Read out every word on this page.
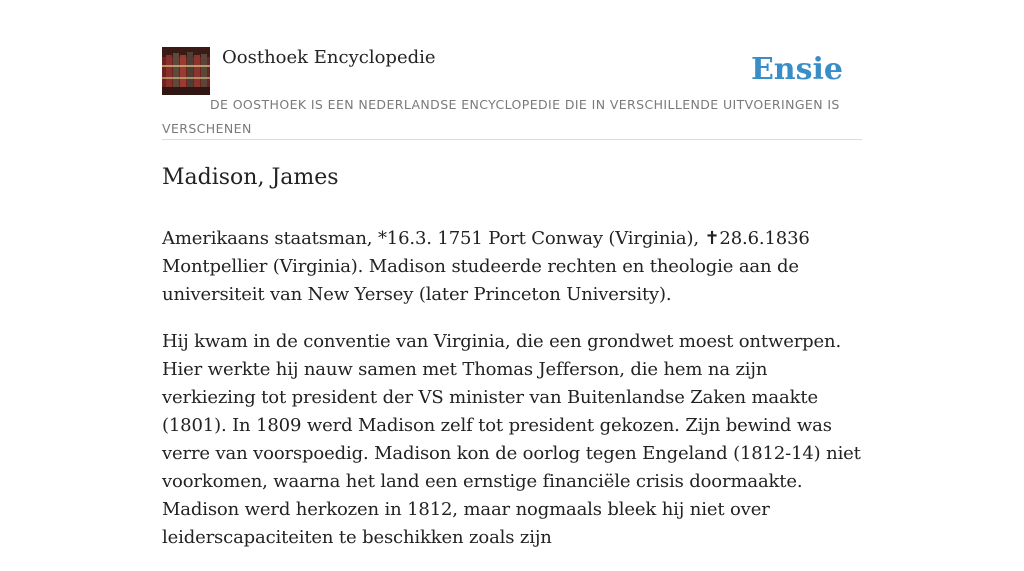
Oosthoek Encyclopedie	Ensie
DE OOSTHOEK IS EEN NEDERLANDSE ENCYCLOPEDIE DIE IN VERSCHILLENDE UITVOERINGEN IS VERSCHENEN
Madison, James

Amerikaans staatsman, *16.3. 1751 Port Conway (Virginia), ✝28.6.1836 Montpellier (Virginia). Madison studeerde rechten en theologie aan de universiteit van New Yersey (later Princeton University).

Hij kwam in de conventie van Virginia, die een grondwet moest ontwerpen. Hier werkte hij nauw samen met Thomas Jefferson, die hem na zijn verkiezing tot president der VS minister van Buitenlandse Zaken maakte (1801). In 1809 werd Madison zelf tot president gekozen. Zijn bewind was verre van voorspoedig. Madison kon de oorlog tegen Engeland (1812-14) niet voorkomen, waarna het land een ernstige financiële crisis doormaakte. Madison werd herkozen in 1812, maar nogmaals bleek hij niet over leiderscapaciteiten te beschikken zoals zijn
